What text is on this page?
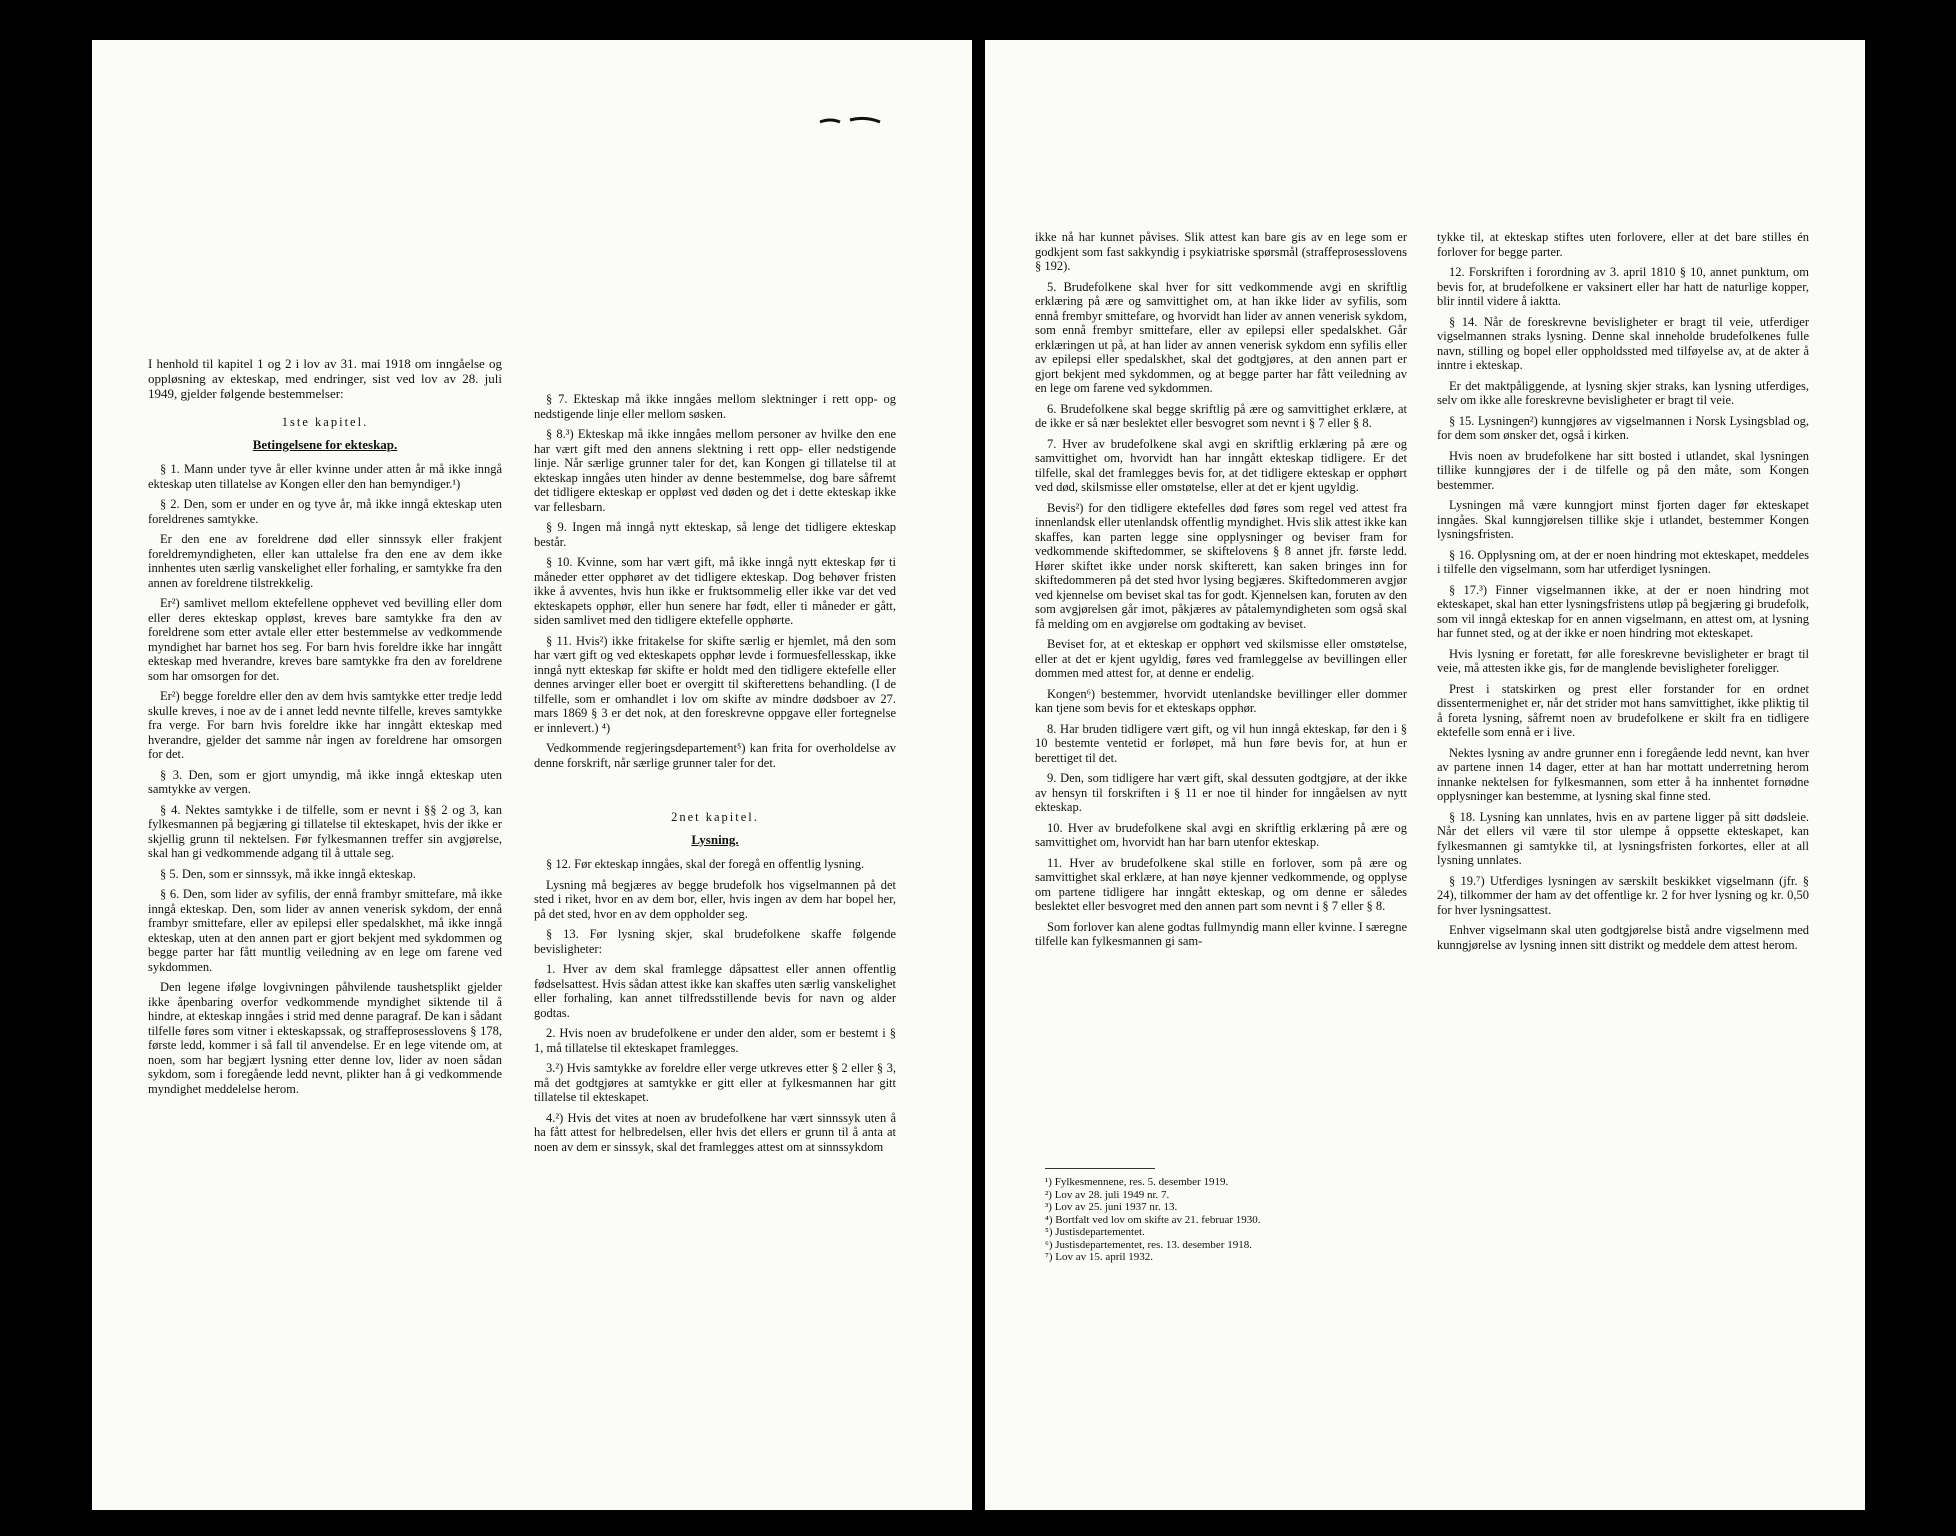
I henhold til kapitel 1 og 2 i lov av 31. mai 1918 om inngåelse og oppløsning av ekteskap, med endringer, sist ved lov av 28. juli 1949, gjelder følgende bestemmelser:

1ste kapitel.
Betingelsene for ekteskap.

§ 1. Mann under tyve år eller kvinne under atten år må ikke inngå ekteskap uten tillatelse av Kongen eller den han bemyndiger.¹)

§ 2. Den, som er under en og tyve år, må ikke inngå ekteskap uten foreldrenes samtykke.

Er den ene av foreldrene død eller sinnssyk eller frakjent foreldremyndigheten, eller kan uttalelse fra den ene av dem ikke innhentes uten særlig vanskelighet eller forhaling, er samtykke fra den annen av foreldrene tilstrekkelig.

Er²) samlivet mellom ektefellene opphevet ved bevilling eller dom eller deres ekteskap oppløst, kreves bare samtykke fra den av foreldrene som etter avtale eller etter bestemmelse av vedkommende myndighet har barnet hos seg. For barn hvis foreldre ikke har inngått ekteskap med hverandre, kreves bare samtykke fra den av foreldrene som har omsorgen for det.

Er²) begge foreldre eller den av dem hvis samtykke etter tredje ledd skulle kreves, i noe av de i annet ledd nevnte tilfelle, kreves samtykke fra verge. For barn hvis foreldre ikke har inngått ekteskap med hverandre, gjelder det samme når ingen av foreldrene har omsorgen for det.

§ 3. Den, som er gjort umyndig, må ikke inngå ekteskap uten samtykke av vergen.

§ 4. Nektes samtykke i de tilfelle, som er nevnt i §§ 2 og 3, kan fylkesmannen på begjæring gi tillatelse til ekteskapet, hvis der ikke er skjellig grunn til nektelsen. Før fylkesmannen treffer sin avgjørelse, skal han gi vedkommende adgang til å uttale seg.

§ 5. Den, som er sinnssyk, må ikke inngå ekteskap.

§ 6. Den, som lider av syfilis, der ennå frambyr smittefare, må ikke inngå ekteskap. Den, som lider av annen venerisk sykdom, der ennå frambyr smittefare, eller av epilepsi eller spedalskhet, må ikke inngå ekteskap, uten at den annen part er gjort bekjent med sykdommen og begge parter har fått muntlig veiledning av en lege om farene ved sykdommen.

Den legene ifølge lovgivningen påhvilende taushetsplikt gjelder ikke åpenbaring overfor vedkommende myndighet siktende til å hindre, at ekteskap inngåes i strid med denne paragraf. De kan i sådant tilfelle føres som vitner i ekteskapssak, og straffeprosesslovens § 178, første ledd, kommer i så fall til anvendelse. Er en lege vitende om, at noen, som har begjært lysning etter denne lov, lider av noen sådan sykdom, som i foregående ledd nevnt, plikter han å gi vedkommende myndighet meddelelse herom.

§ 7. Ekteskap må ikke inngåes mellom slektninger i rett opp- og nedstigende linje eller mellom søsken.

§ 8.³) Ekteskap må ikke inngåes mellom personer av hvilke den ene har vært gift med den annens slektning i rett opp- eller nedstigende linje. Når særlige grunner taler for det, kan Kongen gi tillatelse til at ekteskap inngåes uten hinder av denne bestemmelse, dog bare såfremt det tidligere ekteskap er oppløst ved døden og det i dette ekteskap ikke var fellesbarn.

§ 9. Ingen må inngå nytt ekteskap, så lenge det tidligere ekteskap består.

§ 10. Kvinne, som har vært gift, må ikke inngå nytt ekteskap før ti måneder etter opphøret av det tidligere ekteskap. Dog behøver fristen ikke å avventes, hvis hun ikke er fruktsommelig eller ikke var det ved ekteskapets opphør, eller hun senere har født, eller ti måneder er gått, siden samlivet med den tidligere ektefelle opphørte.

§ 11. Hvis²) ikke fritakelse for skifte særlig er hjemlet, må den som har vært gift og ved ekteskapets opphør levde i formuesfellesskap, ikke inngå nytt ekteskap før skifte er holdt med den tidligere ektefelle eller dennes arvinger eller boet er overgitt til skifterettens behandling. (I de tilfelle, som er omhandlet i lov om skifte av mindre dødsboer av 27. mars 1869 § 3 er det nok, at den foreskrevne oppgave eller fortegnelse er innlevert.) ⁴)

Vedkommende regjeringsdepartement⁵) kan frita for overholdelse av denne forskrift, når særlige grunner taler for det.

2net kapitel.
Lysning.

§ 12. Før ekteskap inngåes, skal der foregå en offentlig lysning.

Lysning må begjæres av begge brudefolk hos vigselmannen på det sted i riket, hvor en av dem bor, eller, hvis ingen av dem har bopel her, på det sted, hvor en av dem oppholder seg.

§ 13. Før lysning skjer, skal brudefolkene skaffe følgende bevisligheter:

1. Hver av dem skal framlegge dåpsattest eller annen offentlig fødselsattest. Hvis sådan attest ikke kan skaffes uten særlig vanskelighet eller forhaling, kan annet tilfredsstillende bevis for navn og alder godtas.

2. Hvis noen av brudefolkene er under den alder, som er bestemt i § 1, må tillatelse til ekteskapet framlegges.

3.²) Hvis samtykke av foreldre eller verge utkreves etter § 2 eller § 3, må det godtgjøres at samtykke er gitt eller at fylkesmannen har gitt tillatelse til ekteskapet.

4.²) Hvis det vites at noen av brudefolkene har vært sinnssyk uten å ha fått attest for helbredelsen, eller hvis det ellers er grunn til å anta at noen av dem er sinssyk, skal det framlegges attest om at sinnssykdom

ikke nå har kunnet påvises. Slik attest kan bare gis av en lege som er godkjent som fast sakkyndig i psykiatriske spørsmål (straffeprosesslovens § 192).

5. Brudefolkene skal hver for sitt vedkommende avgi en skriftlig erklæring på ære og samvittighet om, at han ikke lider av syfilis, som ennå frembyr smittefare, og hvorvidt han lider av annen venerisk sykdom, som ennå frembyr smittefare, eller av epilepsi eller spedalskhet. Går erklæringen ut på, at han lider av annen venerisk sykdom enn syfilis eller av epilepsi eller spedalskhet, skal det godtgjøres, at den annen part er gjort bekjent med sykdommen, og at begge parter har fått veiledning av en lege om farene ved sykdommen.

6. Brudefolkene skal begge skriftlig på ære og samvittighet erklære, at de ikke er så nær beslektet eller besvogret som nevnt i § 7 eller § 8.

7. Hver av brudefolkene skal avgi en skriftlig erklæring på ære og samvittighet om, hvorvidt han har inngått ekteskap tidligere. Er det tilfelle, skal det framlegges bevis for, at det tidligere ekteskap er opphørt ved død, skilsmisse eller omstøtelse, eller at det er kjent ugyldig.

Bevis²) for den tidligere ektefelles død føres som regel ved attest fra innenlandsk eller utenlandsk offentlig myndighet. Hvis slik attest ikke kan skaffes, kan parten legge sine opplysninger og beviser fram for vedkommende skiftedommer, se skiftelovens § 8 annet jfr. første ledd. Hører skiftet ikke under norsk skifterett, kan saken bringes inn for skiftedommeren på det sted hvor lysing begjæres. Skiftedommeren avgjør ved kjennelse om beviset skal tas for godt. Kjennelsen kan, foruten av den som avgjørelsen går imot, påkjæres av påtalemyndigheten som også skal få melding om en avgjørelse om godtaking av beviset.

Beviset for, at et ekteskap er opphørt ved skilsmisse eller omstøtelse, eller at det er kjent ugyldig, føres ved framleggelse av bevillingen eller dommen med attest for, at denne er endelig.

Kongen⁶) bestemmer, hvorvidt utenlandske bevillinger eller dommer kan tjene som bevis for et ekteskaps opphør.

8. Har bruden tidligere vært gift, og vil hun inngå ekteskap, før den i § 10 bestemte ventetid er forløpet, må hun føre bevis for, at hun er berettiget til det.

9. Den, som tidligere har vært gift, skal dessuten godtgjøre, at der ikke av hensyn til forskriften i § 11 er noe til hinder for inngåelsen av nytt ekteskap.

10. Hver av brudefolkene skal avgi en skriftlig erklæring på ære og samvittighet om, hvorvidt han har barn utenfor ekteskap.

11. Hver av brudefolkene skal stille en forlover, som på ære og samvittighet skal erklære, at han nøye kjenner vedkommende, og opplyse om partene tidligere har inngått ekteskap, og om denne er således beslektet eller besvogret med den annen part som nevnt i § 7 eller § 8.

Som forlover kan alene godtas fullmyndig mann eller kvinne. I særegne tilfelle kan fylkesmannen gi sam-

tykke til, at ekteskap stiftes uten forlovere, eller at det bare stilles én forlover for begge parter.

12. Forskriften i forordning av 3. april 1810 § 10, annet punktum, om bevis for, at brudefolkene er vaksinert eller har hatt de naturlige kopper, blir inntil videre å iaktta.

§ 14. Når de foreskrevne bevisligheter er bragt til veie, utferdiger vigselmannen straks lysning. Denne skal inneholde brudefolkenes fulle navn, stilling og bopel eller oppholdssted med tilføyelse av, at de akter å inntre i ekteskap.

Er det maktpåliggende, at lysning skjer straks, kan lysning utferdiges, selv om ikke alle foreskrevne bevisligheter er bragt til veie.

§ 15. Lysningen²) kunngjøres av vigselmannen i Norsk Lysingsblad og, for dem som ønsker det, også i kirken.

Hvis noen av brudefolkene har sitt bosted i utlandet, skal lysningen tillike kunngjøres der i de tilfelle og på den måte, som Kongen bestemmer.

Lysningen må være kunngjort minst fjorten dager før ekteskapet inngåes. Skal kunngjørelsen tillike skje i utlandet, bestemmer Kongen lysningsfristen.

§ 16. Opplysning om, at der er noen hindring mot ekteskapet, meddeles i tilfelle den vigselmann, som har utferdiget lysningen.

§ 17.³) Finner vigselmannen ikke, at der er noen hindring mot ekteskapet, skal han etter lysningsfristens utløp på begjæring gi brudefolk, som vil inngå ekteskap for en annen vigselmann, en attest om, at lysning har funnet sted, og at der ikke er noen hindring mot ekteskapet.

Hvis lysning er foretatt, før alle foreskrevne bevisligheter er bragt til veie, må attesten ikke gis, før de manglende bevisligheter foreligger.

Prest i statskirken og prest eller forstander for en ordnet dissentermenighet er, når det strider mot hans samvittighet, ikke pliktig til å foreta lysning, såfremt noen av brudefolkene er skilt fra en tidligere ektefelle som ennå er i live.

Nektes lysning av andre grunner enn i foregående ledd nevnt, kan hver av partene innen 14 dager, etter at han har mottatt underretning herom innanke nektelsen for fylkesmannen, som etter å ha innhentet fornødne opplysninger kan bestemme, at lysning skal finne sted.

§ 18. Lysning kan unnlates, hvis en av partene ligger på sitt dødsleie. Når det ellers vil være til stor ulempe å oppsette ekteskapet, kan fylkesmannen gi samtykke til, at lysningsfristen forkortes, eller at all lysning unnlates.

§ 19.⁷) Utferdiges lysningen av særskilt beskikket vigselmann (jfr. § 24), tilkommer der ham av det offentlige kr. 2 for hver lysning og kr. 0,50 for hver lysningsattest.

Enhver vigselmann skal uten godtgjørelse bistå andre vigselmenn med kunngjørelse av lysning innen sitt distrikt og meddele dem attest herom.

¹) Fylkesmennene, res. 5. desember 1919.
²) Lov av 28. juli 1949 nr. 7.
³) Lov av 25. juni 1937 nr. 13.
⁴) Bortfalt ved lov om skifte av 21. februar 1930.
⁵) Justisdepartementet.
⁶) Justisdepartementet, res. 13. desember 1918.
⁷) Lov av 15. april 1932.
